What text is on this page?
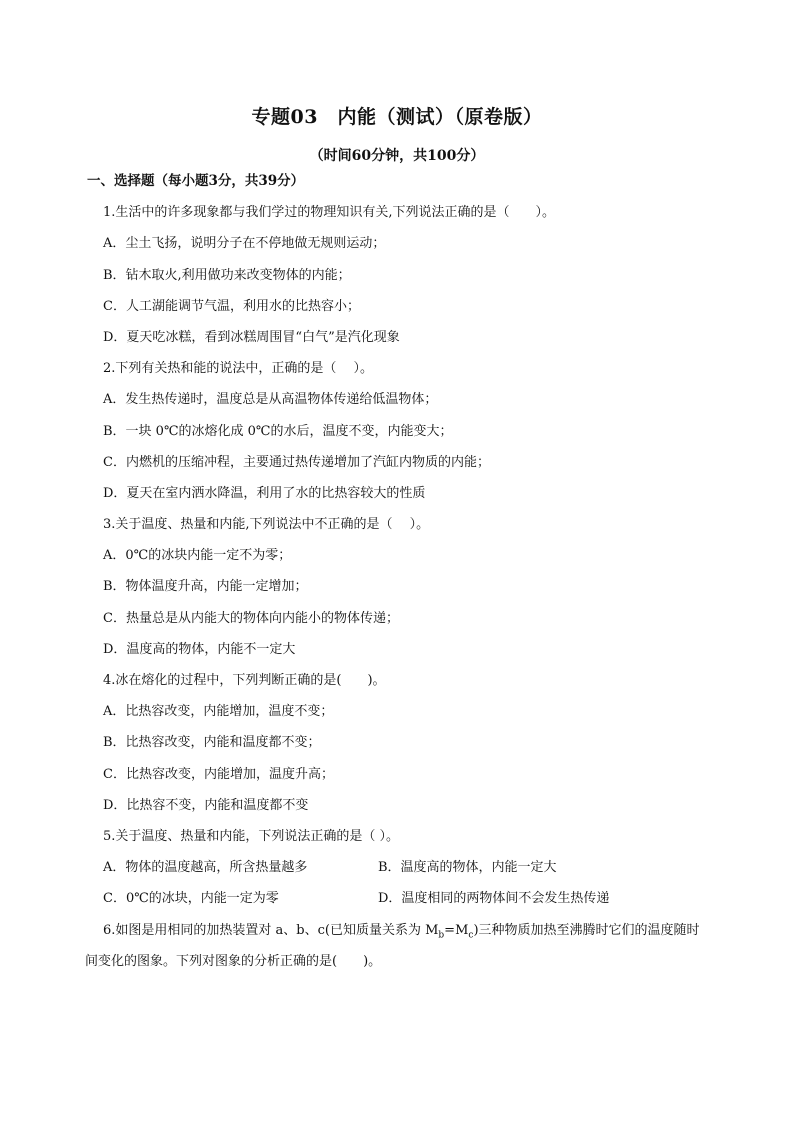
专题03　内能（测试）（原卷版）
（时间60分钟，共100分）
一、选择题（每小题3分，共39分）
1.生活中的许多现象都与我们学过的物理知识有关,下列说法正确的是（　　）。
A．尘土飞扬，说明分子在不停地做无规则运动；
B．钻木取火,利用做功来改变物体的内能；
C．人工湖能调节气温，利用水的比热容小；
D．夏天吃冰糕，看到冰糕周围冒“白气”是汽化现象
2.下列有关热和能的说法中，正确的是（　 ）。
A．发生热传递时，温度总是从高温物体传递给低温物体；
B．一块 0℃的冰熔化成 0℃的水后，温度不变，内能变大；
C．内燃机的压缩冲程，主要通过热传递增加了汽缸内物质的内能；
D．夏天在室内洒水降温，利用了水的比热容较大的性质
3.关于温度、热量和内能,下列说法中不正确的是（　 ）。
A．0℃的冰块内能一定不为零；
B．物体温度升高，内能一定增加；
C．热量总是从内能大的物体向内能小的物体传递；
D．温度高的物体，内能不一定大
4.冰在熔化的过程中，下列判断正确的是(　　)。
A．比热容改变，内能增加，温度不变；
B．比热容改变，内能和温度都不变；
C．比热容改变，内能增加，温度升高；
D．比热容不变，内能和温度都不变
5.关于温度、热量和内能，下列说法正确的是（ ）。
A．物体的温度越高，所含热量越多	B．温度高的物体，内能一定大
C．0℃的冰块，内能一定为零	D．温度相同的两物体间不会发生热传递
6.如图是用相同的加热装置对 a、b、c(已知质量关系为 $M_b=M_c$)三种物质加热至沸腾时它们的温度随时
间变化的图象。下列对图象的分析正确的是(　　)。
